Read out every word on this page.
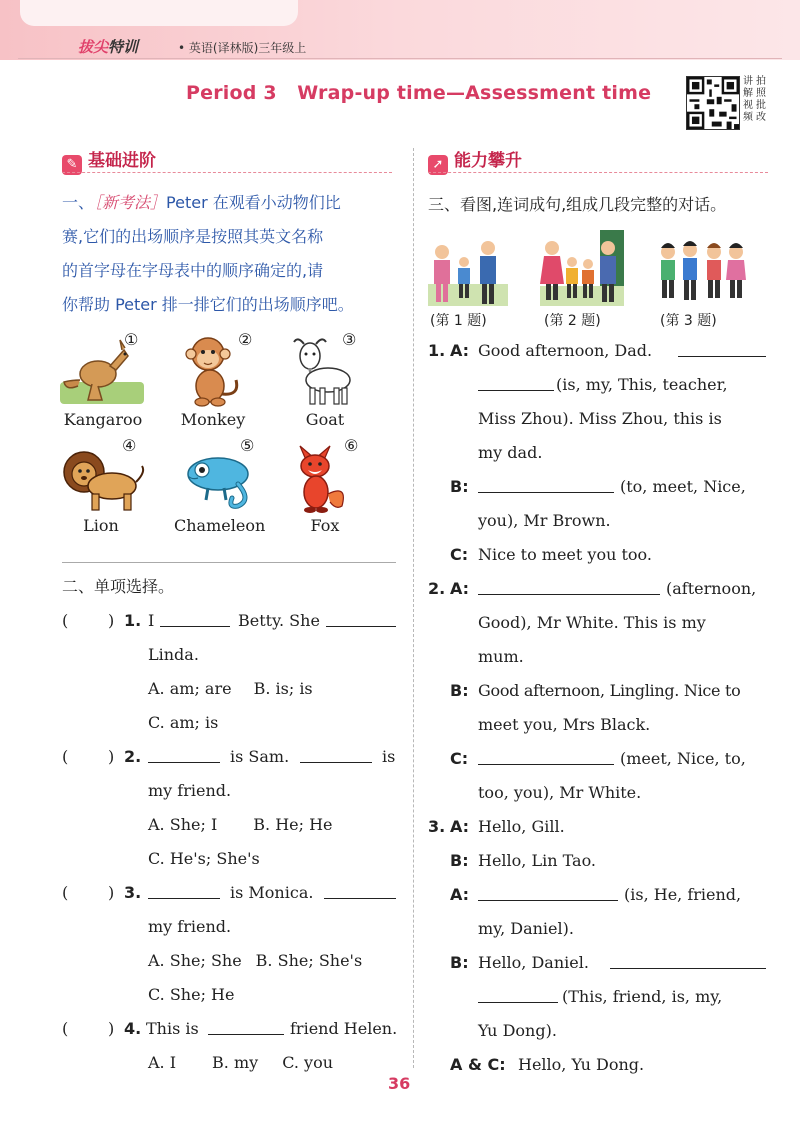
拔尖特训	• 英语(译林版)三年级上
Period 3   Wrap-up time—Assessment time
讲解视频
拍照批改
✎ 基础进阶
一、［新考法］Peter 在观看小动物们比
赛,它们的出场顺序是按照其英文名称
的首字母在字母表中的顺序确定的,请
你帮助 Peter 排一排它们的出场顺序吧。
①
Kangaroo
②
Monkey
③
Goat
④
Lion
⑤
Chameleon
⑥
Fox
二、单项选择。
( ) 1. I	Betty. She
Linda.
A. am; are B. is; is
C. am; is
( ) 2.	is Sam.	is
my friend.
A. She; I B. He; He
C. He's; She's
( ) 3.	is Monica.
my friend.
A. She; She B. She; She's
C. She; He
( ) 4. This is	friend Helen.
A. I B. my C. you
➚ 能力攀升
三、看图,连词成句,组成几段完整的对话。
(第 1 题)	(第 2 题)	(第 3 题)
1. A: Good afternoon, Dad.
(is, my, This, teacher,
Miss Zhou). Miss Zhou, this is
my dad.
B:	(to, meet, Nice,
you), Mr Brown.
C: Nice to meet you too.
2. A:	(afternoon,
Good), Mr White. This is my
mum.
B: Good afternoon, Lingling. Nice to
meet you, Mrs Black.
C:	(meet, Nice, to,
too, you), Mr White.
3. A: Hello, Gill.
B: Hello, Lin Tao.
A:	(is, He, friend,
my, Daniel).
B: Hello, Daniel.
(This, friend, is, my,
Yu Dong).
A & C: Hello, Yu Dong.
36
